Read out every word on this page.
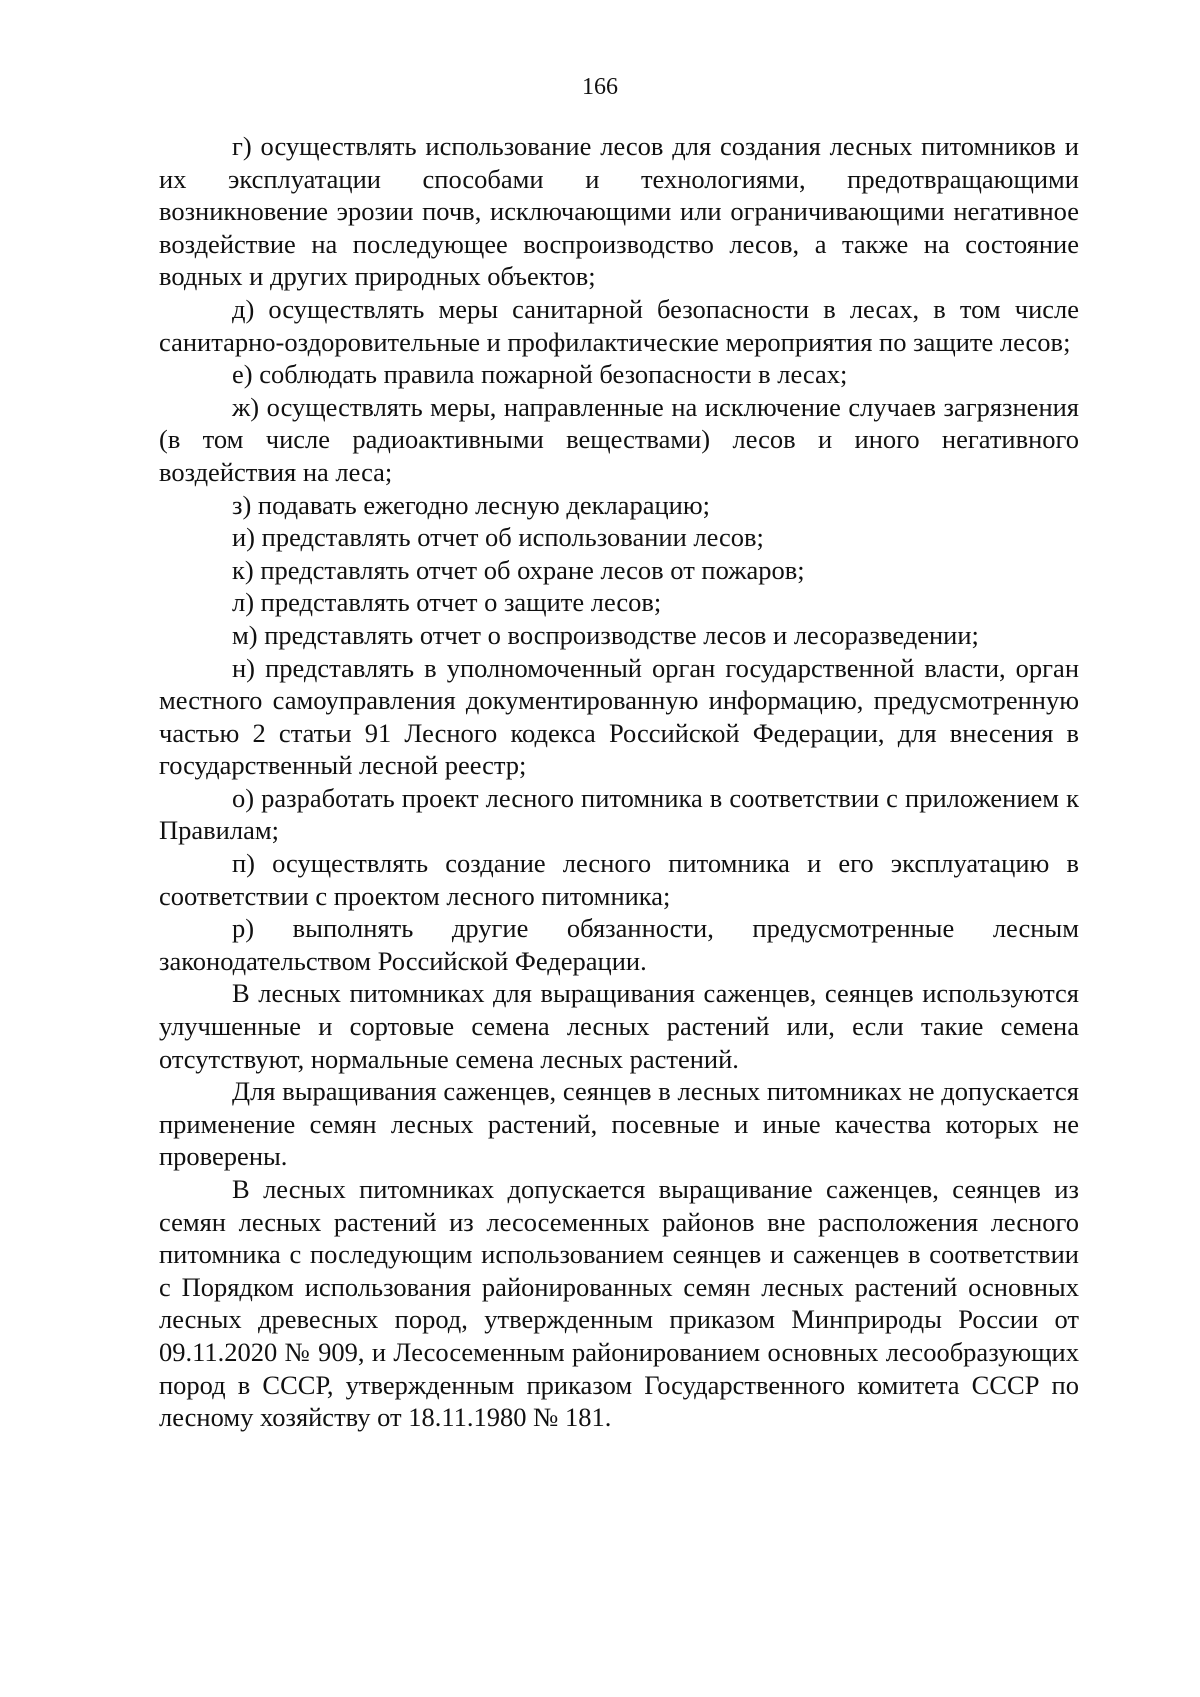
166

г) осуществлять использование лесов для создания лесных питомников и их эксплуатации способами и технологиями, предотвращающими возникновение эрозии почв, исключающими или ограничивающими негативное воздействие на последующее воспроизводство лесов, а также на состояние водных и других природных объектов;

д) осуществлять меры санитарной безопасности в лесах, в том числе санитарно-оздоровительные и профилактические мероприятия по защите лесов;

е) соблюдать правила пожарной безопасности в лесах;

ж) осуществлять меры, направленные на исключение случаев загрязнения (в том числе радиоактивными веществами) лесов и иного негативного воздействия на леса;

з) подавать ежегодно лесную декларацию;

и) представлять отчет об использовании лесов;

к) представлять отчет об охране лесов от пожаров;

л) представлять отчет о защите лесов;

м) представлять отчет о воспроизводстве лесов и лесоразведении;

н) представлять в уполномоченный орган государственной власти, орган местного самоуправления документированную информацию, предусмотренную частью 2 статьи 91 Лесного кодекса Российской Федерации, для внесения в государственный лесной реестр;

о) разработать проект лесного питомника в соответствии с приложением к Правилам;

п) осуществлять создание лесного питомника и его эксплуатацию в соответствии с проектом лесного питомника;

р) выполнять другие обязанности, предусмотренные лесным законодательством Российской Федерации.

В лесных питомниках для выращивания саженцев, сеянцев используются улучшенные и сортовые семена лесных растений или, если такие семена отсутствуют, нормальные семена лесных растений.

Для выращивания саженцев, сеянцев в лесных питомниках не допускается применение семян лесных растений, посевные и иные качества которых не проверены.

В лесных питомниках допускается выращивание саженцев, сеянцев из семян лесных растений из лесосеменных районов вне расположения лесного питомника с последующим использованием сеянцев и саженцев в соответствии с Порядком использования районированных семян лесных растений основных лесных древесных пород, утвержденным приказом Минприроды России от 09.11.2020 № 909, и Лесосеменным районированием основных лесообразующих пород в СССР, утвержденным приказом Государственного комитета СССР по лесному хозяйству от 18.11.1980 № 181.
